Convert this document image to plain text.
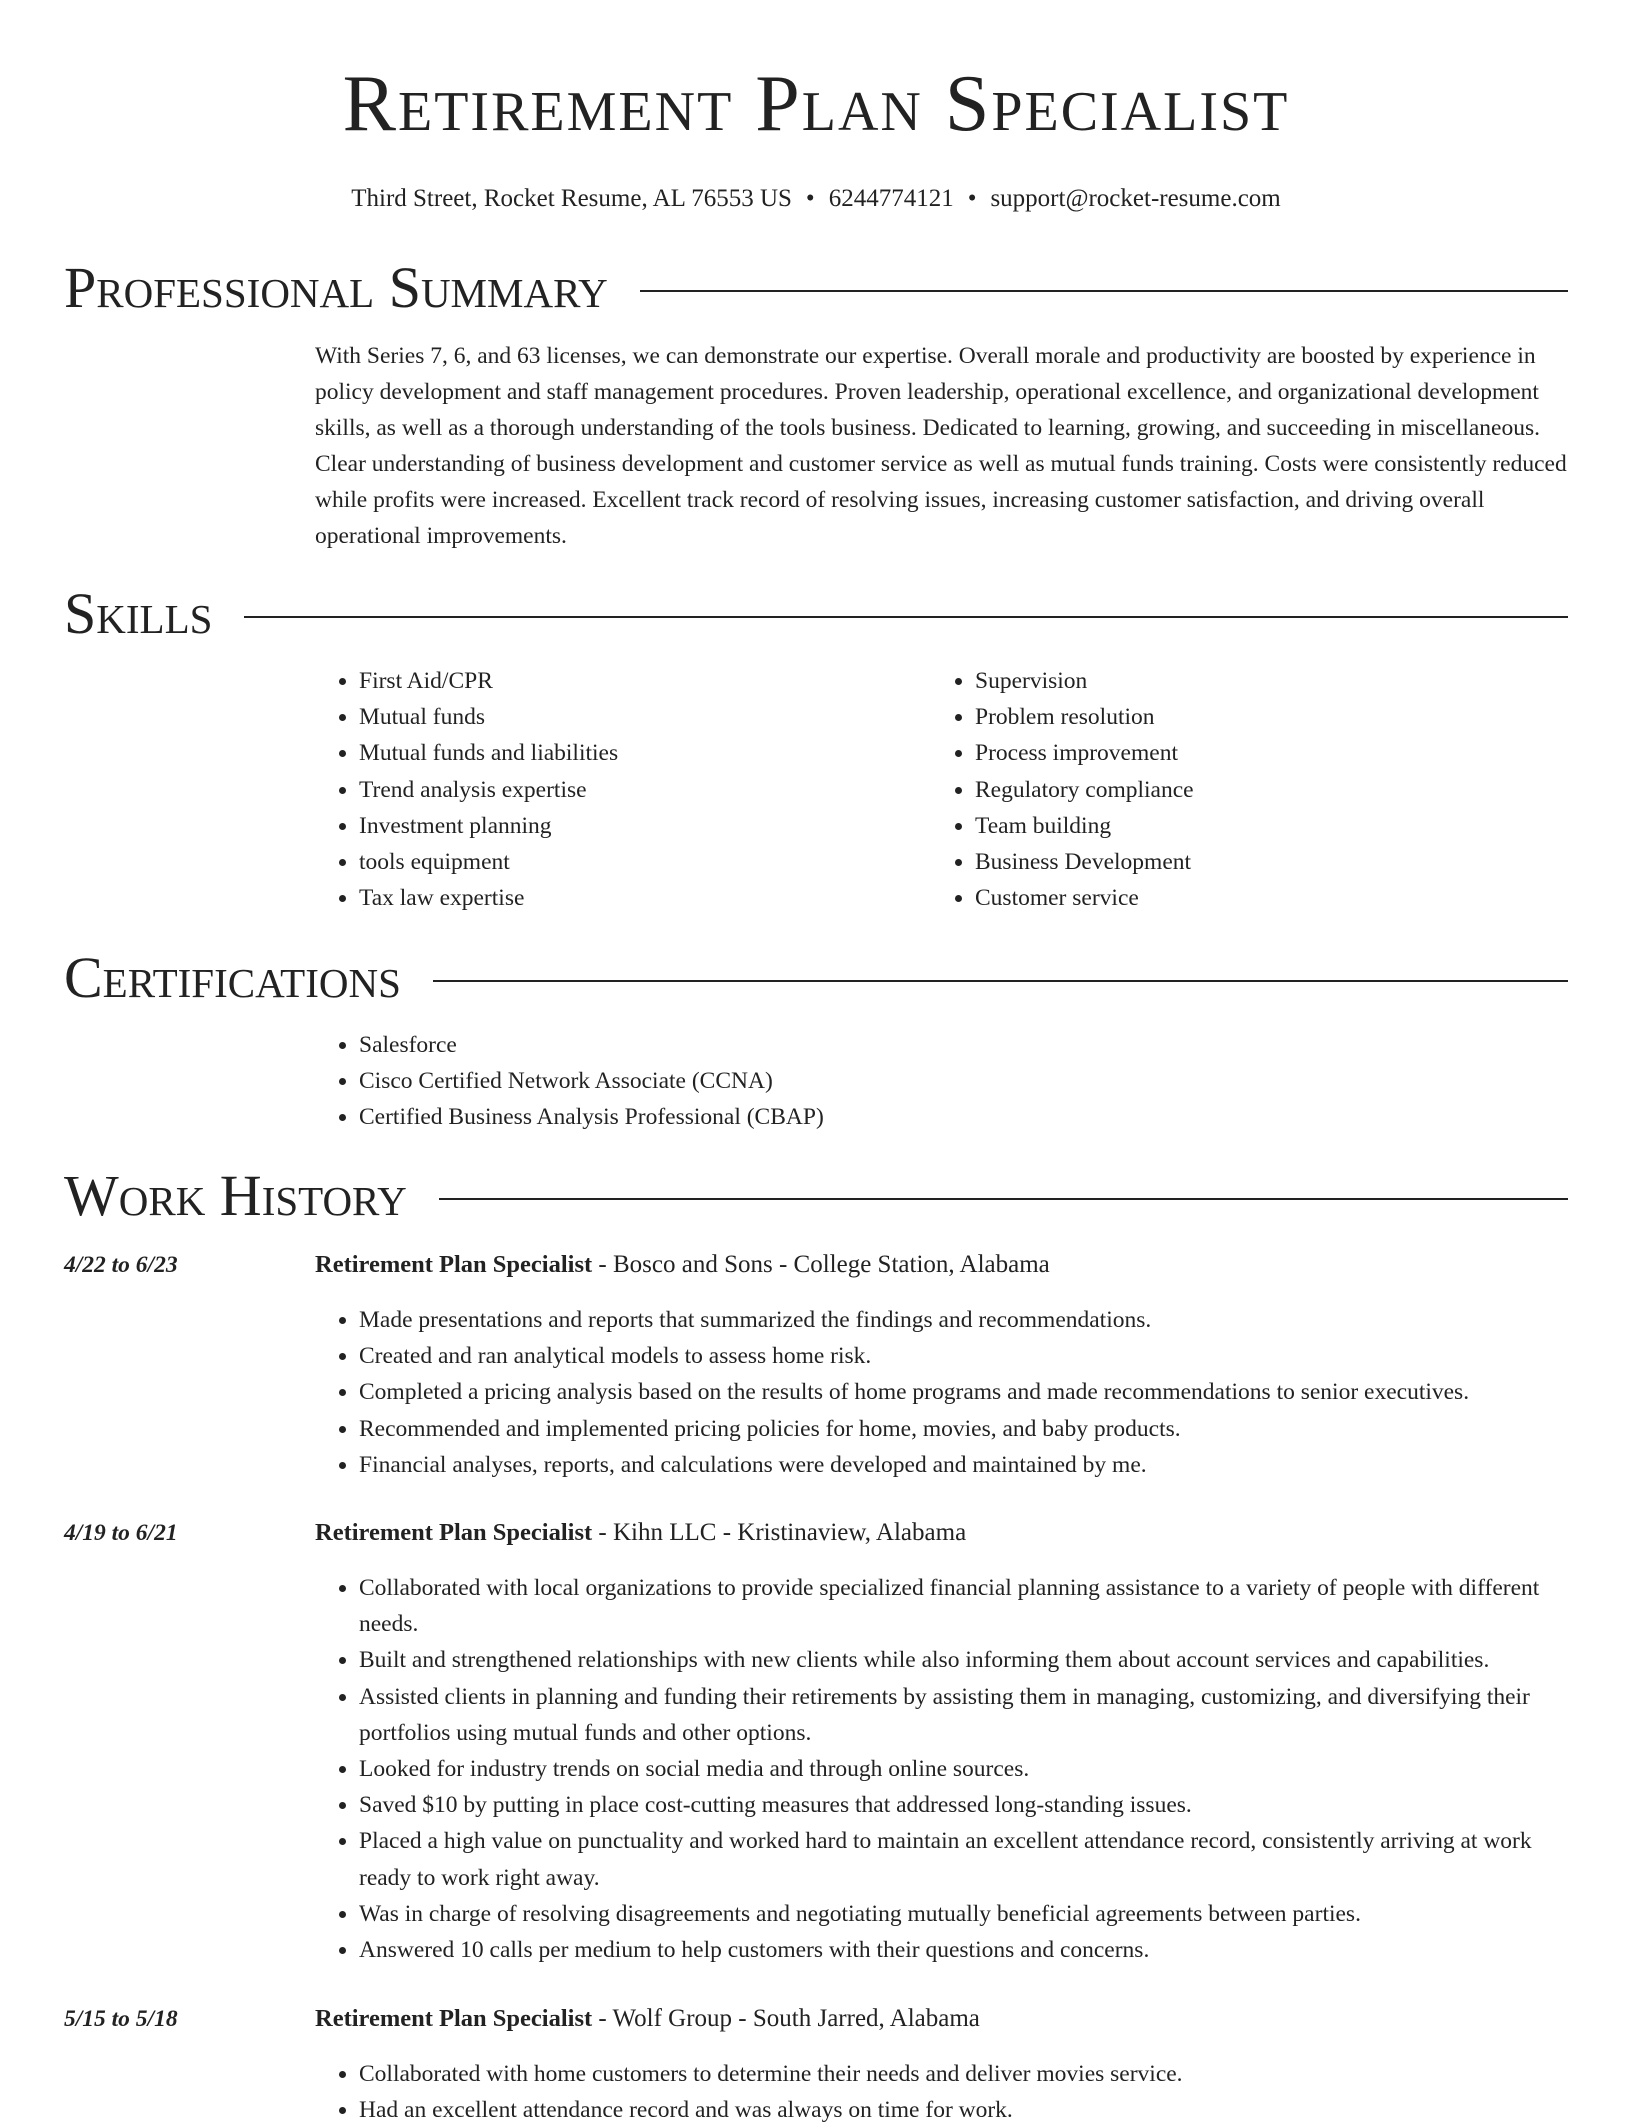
Retirement Plan Specialist
Third Street, Rocket Resume, AL 76553 US • 6244774121 • support@rocket-resume.com
Professional Summary
With Series 7, 6, and 63 licenses, we can demonstrate our expertise. Overall morale and productivity are boosted by experience in policy development and staff management procedures. Proven leadership, operational excellence, and organizational development skills, as well as a thorough understanding of the tools business. Dedicated to learning, growing, and succeeding in miscellaneous. Clear understanding of business development and customer service as well as mutual funds training. Costs were consistently reduced while profits were increased. Excellent track record of resolving issues, increasing customer satisfaction, and driving overall operational improvements.
Skills
• First Aid/CPR
• Mutual funds
• Mutual funds and liabilities
• Trend analysis expertise
• Investment planning
• tools equipment
• Tax law expertise
• Supervision
• Problem resolution
• Process improvement
• Regulatory compliance
• Team building
• Business Development
• Customer service
Certifications
• Salesforce
• Cisco Certified Network Associate (CCNA)
• Certified Business Analysis Professional (CBAP)
Work History
4/22 to 6/23	Retirement Plan Specialist - Bosco and Sons - College Station, Alabama
• Made presentations and reports that summarized the findings and recommendations.
• Created and ran analytical models to assess home risk.
• Completed a pricing analysis based on the results of home programs and made recommendations to senior executives.
• Recommended and implemented pricing policies for home, movies, and baby products.
• Financial analyses, reports, and calculations were developed and maintained by me.
4/19 to 6/21	Retirement Plan Specialist - Kihn LLC - Kristinaview, Alabama
• Collaborated with local organizations to provide specialized financial planning assistance to a variety of people with different needs.
• Built and strengthened relationships with new clients while also informing them about account services and capabilities.
• Assisted clients in planning and funding their retirements by assisting them in managing, customizing, and diversifying their portfolios using mutual funds and other options.
• Looked for industry trends on social media and through online sources.
• Saved $10 by putting in place cost-cutting measures that addressed long-standing issues.
• Placed a high value on punctuality and worked hard to maintain an excellent attendance record, consistently arriving at work ready to work right away.
• Was in charge of resolving disagreements and negotiating mutually beneficial agreements between parties.
• Answered 10 calls per medium to help customers with their questions and concerns.
5/15 to 5/18	Retirement Plan Specialist - Wolf Group - South Jarred, Alabama
• Collaborated with home customers to determine their needs and deliver movies service.
• Had an excellent attendance record and was always on time for work.
